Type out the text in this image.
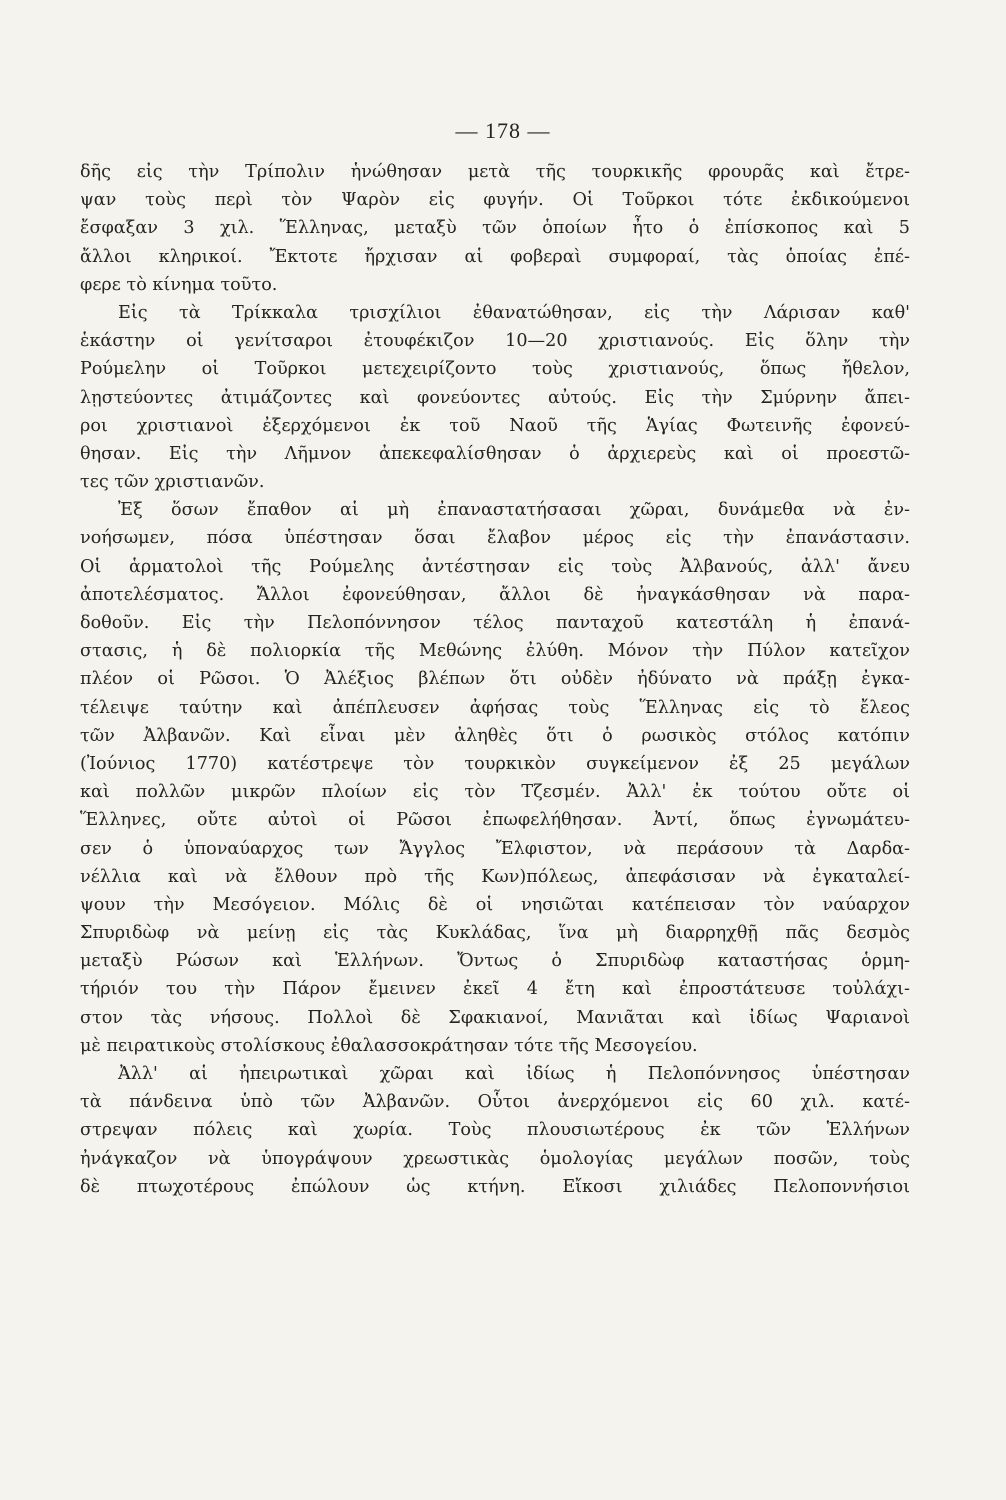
— 178 —
δῆς εἰς τὴν Τρίπολιν ἡνώθησαν μετὰ τῆς τουρκικῆς φρουρᾶς καὶ ἔτρε-
ψαν τοὺς περὶ τὸν Ψαρὸν εἰς φυγήν. Οἱ Τοῦρκοι τότε ἐκδικούμενοι
ἔσφαξαν 3 χιλ. Ἕλληνας, μεταξὺ τῶν ὁποίων ἦτο ὁ ἐπίσκοπος καὶ 5
ἄλλοι κληρικοί. Ἔκτοτε ἤρχισαν αἱ φοβεραὶ συμφοραί, τὰς ὁποίας ἐπέ-
φερε τὸ κίνημα τοῦτο.
Εἰς τὰ Τρίκκαλα τρισχίλιοι ἐθανατώθησαν, εἰς τὴν Λάρισαν καθ'
ἑκάστην οἱ γενίτσαροι ἐτουφέκιζον 10—20 χριστιανούς. Εἰς ὅλην τὴν
Ρούμελην οἱ Τοῦρκοι μετεχειρίζοντο τοὺς χριστιανούς, ὅπως ἤθελον,
λῃστεύοντες ἀτιμάζοντες καὶ φονεύοντες αὐτούς. Εἰς τὴν Σμύρνην ἄπει-
ροι χριστιανοὶ ἐξερχόμενοι ἐκ τοῦ Ναοῦ τῆς Ἁγίας Φωτεινῆς ἐφονεύ-
θησαν. Εἰς τὴν Λῆμνον ἀπεκεφαλίσθησαν ὁ ἀρχιερεὺς καὶ οἱ προεστῶ-
τες τῶν χριστιανῶν.
Ἐξ ὅσων ἔπαθον αἱ μὴ ἐπαναστατήσασαι χῶραι, δυνάμεθα νὰ ἐν-
νοήσωμεν, πόσα ὑπέστησαν ὅσαι ἔλαβον μέρος εἰς τὴν ἐπανάστασιν.
Οἱ ἁρματολοὶ τῆς Ρούμελης ἀντέστησαν εἰς τοὺς Ἀλβανούς, ἀλλ' ἄνευ
ἀποτελέσματος. Ἄλλοι ἐφονεύθησαν, ἄλλοι δὲ ἠναγκάσθησαν νὰ παρα-
δοθοῦν. Εἰς τὴν Πελοπόννησον τέλος πανταχοῦ κατεστάλη ἡ ἐπανά-
στασις, ἡ δὲ πολιορκία τῆς Μεθώνης ἐλύθη. Μόνον τὴν Πύλον κατεῖχον
πλέον οἱ Ρῶσοι. Ὁ Ἀλέξιος βλέπων ὅτι οὐδὲν ἠδύνατο νὰ πράξῃ ἐγκα-
τέλειψε ταύτην καὶ ἀπέπλευσεν ἀφήσας τοὺς Ἕλληνας εἰς τὸ ἔλεος
τῶν Ἀλβανῶν. Καὶ εἶναι μὲν ἀληθὲς ὅτι ὁ ρωσικὸς στόλος κατόπιν
(Ἰούνιος 1770) κατέστρεψε τὸν τουρκικὸν συγκείμενον ἐξ 25 μεγάλων
καὶ πολλῶν μικρῶν πλοίων εἰς τὸν Τζεσμέν. Ἀλλ' ἐκ τούτου οὔτε οἱ
Ἕλληνες, οὔτε αὐτοὶ οἱ Ρῶσοι ἐπωφελήθησαν. Ἀντί, ὅπως ἐγνωμάτευ-
σεν ὁ ὑποναύαρχος των Ἄγγλος Ἔλφιστον, νὰ περάσουν τὰ Δαρδα-
νέλλια καὶ νὰ ἔλθουν πρὸ τῆς Κων)πόλεως, ἀπεφάσισαν νὰ ἐγκαταλεί-
ψουν τὴν Μεσόγειον. Μόλις δὲ οἱ νησιῶται κατέπεισαν τὸν ναύαρχον
Σπυριδὼφ νὰ μείνῃ εἰς τὰς Κυκλάδας, ἵνα μὴ διαρρηχθῇ πᾶς δεσμὸς
μεταξὺ Ρώσων καὶ Ἑλλήνων. Ὄντως ὁ Σπυριδὼφ καταστήσας ὁρμη-
τήριόν του τὴν Πάρον ἔμεινεν ἐκεῖ 4 ἔτη καὶ ἐπροστάτευσε τοὐλάχι-
στον τὰς νήσους. Πολλοὶ δὲ Σφακιανοί, Μανιᾶται καὶ ἰδίως Ψαριανοὶ
μὲ πειρατικοὺς στολίσκους ἐθαλασσοκράτησαν τότε τῆς Μεσογείου.
Ἀλλ' αἱ ἠπειρωτικαὶ χῶραι καὶ ἰδίως ἡ Πελοπόννησος ὑπέστησαν
τὰ πάνδεινα ὑπὸ τῶν Ἀλβανῶν. Οὗτοι ἀνερχόμενοι εἰς 60 χιλ. κατέ-
στρεψαν πόλεις καὶ χωρία. Τοὺς πλουσιωτέρους ἐκ τῶν Ἑλλήνων
ἠνάγκαζον νὰ ὑπογράψουν χρεωστικὰς ὁμολογίας μεγάλων ποσῶν, τοὺς
δὲ πτωχοτέρους ἐπώλουν ὡς κτήνη. Εἴκοσι χιλιάδες Πελοποννήσιοι
